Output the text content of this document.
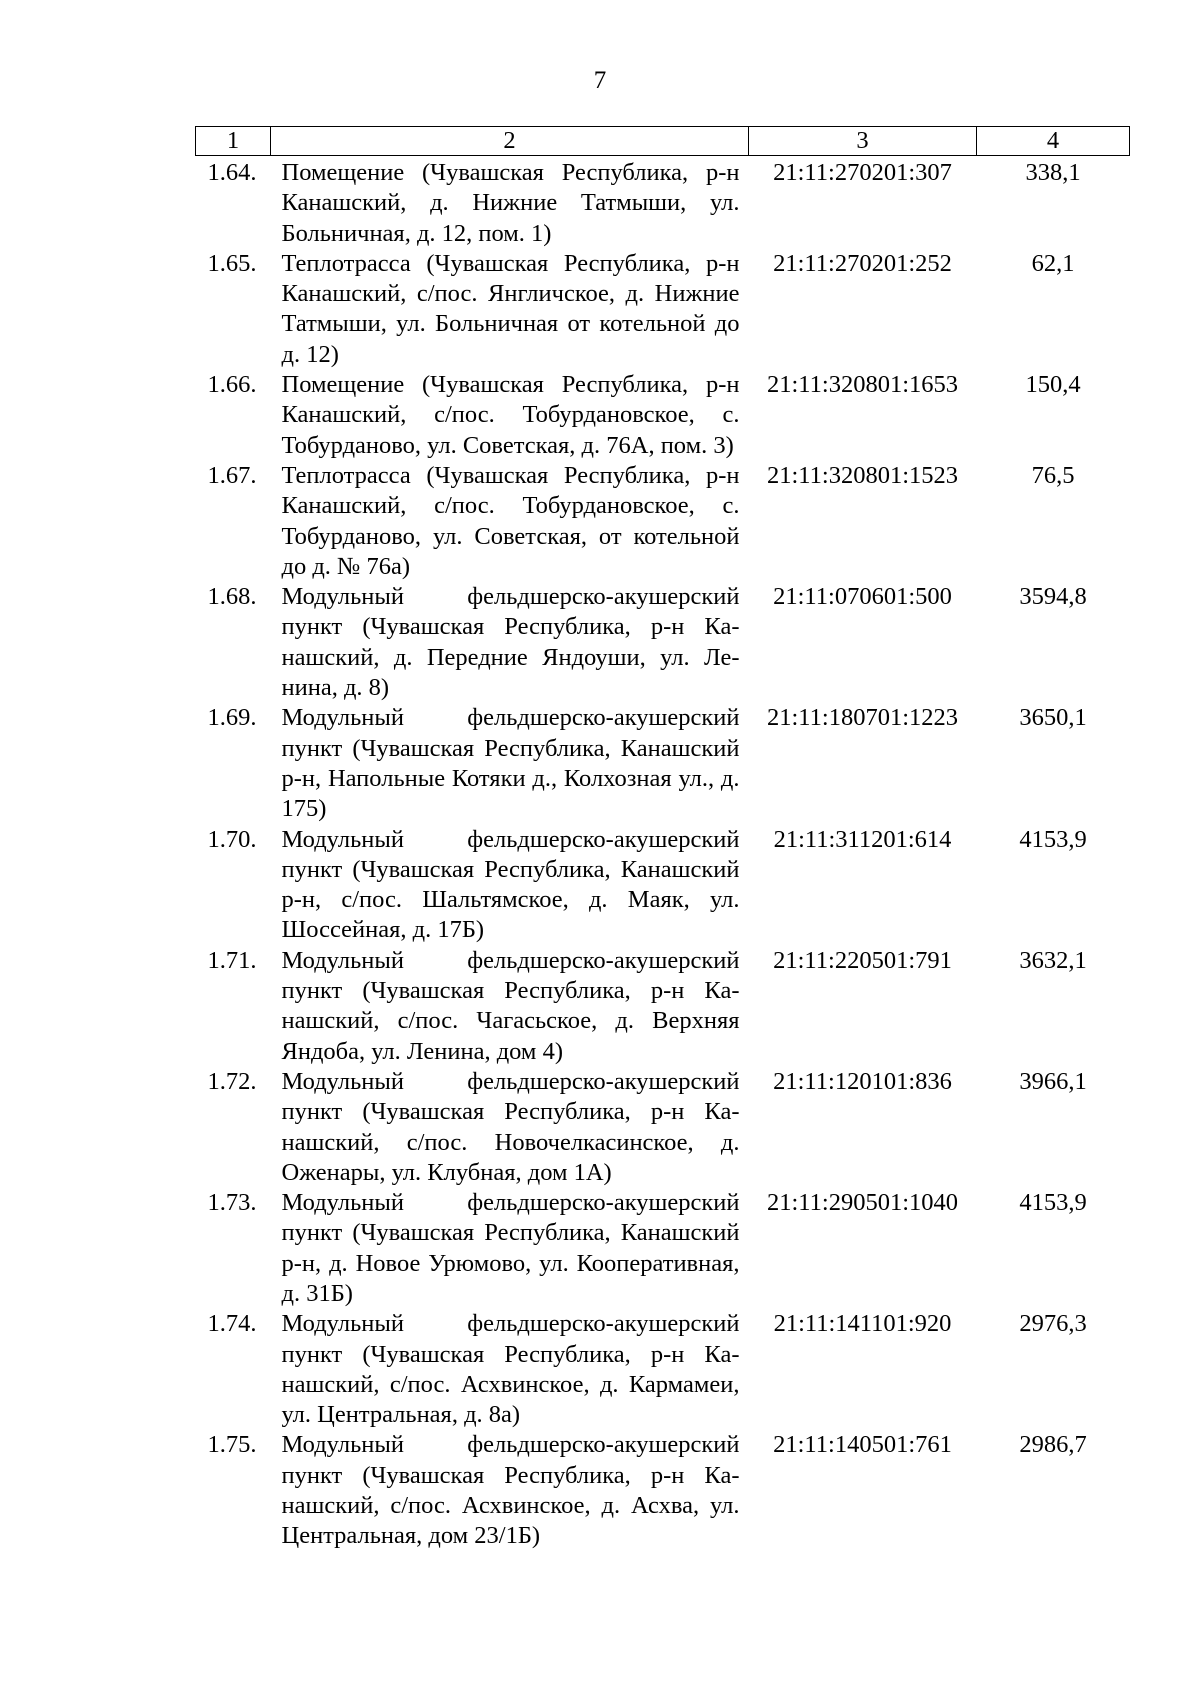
7
1	2	3	4
1.64.	Помещение (Чувашская Республика, р-н Канашский, д. Нижние Татмыши, ул. Больничная, д. 12, пом. 1)	21:11:270201:307	338,1
1.65.	Теплотрасса (Чувашская Республика, р-н Канашский, с/пос. Янгличское, д. Нижние Татмыши, ул. Больничная от котельной до д. 12)	21:11:270201:252	62,1
1.66.	Помещение (Чувашская Республика, р-н Канашский, с/пос. Тобурдановское, с. Тобурданово, ул. Советская, д. 76А, пом. 3)	21:11:320801:1653	150,4
1.67.	Теплотрасса (Чувашская Республика, р-н Канашский, с/пос. Тобурдановское, с. Тобурданово, ул. Советская, от котельной до д. № 76а)	21:11:320801:1523	76,5
1.68.	Модульный фельдшерско-акушерский пункт (Чувашская Республика, р-н Канашский, д. Передние Яндоуши, ул. Ленина, д. 8)	21:11:070601:500	3594,8
1.69.	Модульный фельдшерско-акушерский пункт (Чувашская Республика, Канашский р-н, Напольные Котяки д., Колхозная ул., д. 175)	21:11:180701:1223	3650,1
1.70.	Модульный фельдшерско-акушерский пункт (Чувашская Республика, Канашский р-н, с/пос. Шальтямское, д. Маяк, ул. Шоссейная, д. 17Б)	21:11:311201:614	4153,9
1.71.	Модульный фельдшерско-акушерский пункт (Чувашская Республика, р-н Канашский, с/пос. Чагасьское, д. Верхняя Яндоба, ул. Ленина, дом 4)	21:11:220501:791	3632,1
1.72.	Модульный фельдшерско-акушерский пункт (Чувашская Республика, р-н Канашский, с/пос. Новочелкасинское, д. Оженары, ул. Клубная, дом 1А)	21:11:120101:836	3966,1
1.73.	Модульный фельдшерско-акушерский пункт (Чувашская Республика, Канашский р-н, д. Новое Урюмово, ул. Кооперативная, д. 31Б)	21:11:290501:1040	4153,9
1.74.	Модульный фельдшерско-акушерский пункт (Чувашская Республика, р-н Канашский, с/пос. Асхвинское, д. Кармамеи, ул. Центральная, д. 8а)	21:11:141101:920	2976,3
1.75.	Модульный фельдшерско-акушерский пункт (Чувашская Республика, р-н Канашский, с/пос. Асхвинское, д. Асхва, ул. Центральная, дом 23/1Б)	21:11:140501:761	2986,7
